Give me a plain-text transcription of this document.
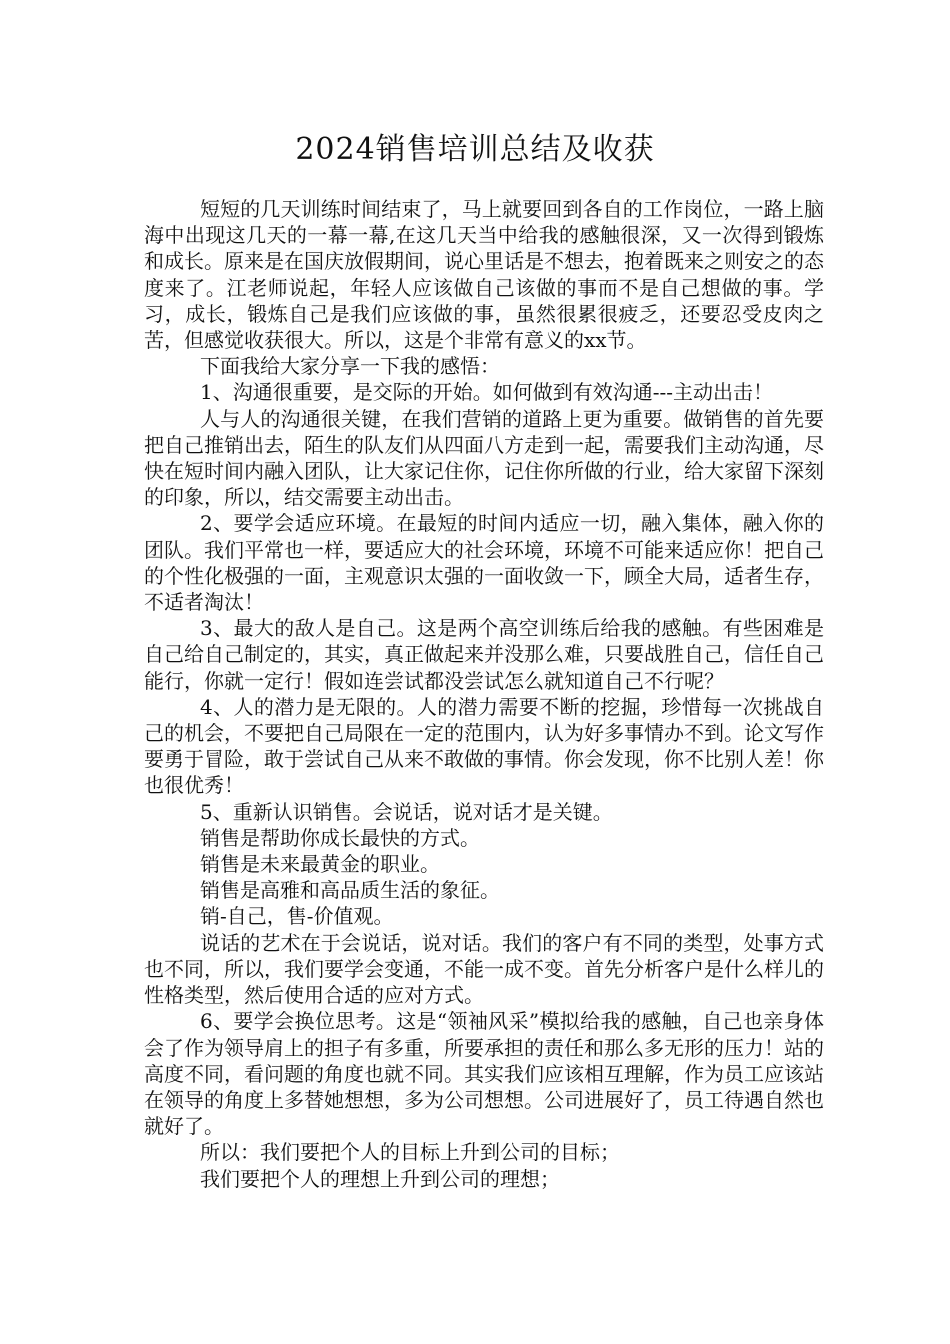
2024销售培训总结及收获

短短的几天训练时间结束了，马上就要回到各自的工作岗位，一路上脑海中出现这几天的一幕一幕,在这几天当中给我的感触很深，又一次得到锻炼和成长。原来是在国庆放假期间，说心里话是不想去，抱着既来之则安之的态度来了。江老师说起，年轻人应该做自己该做的事而不是自己想做的事。学习，成长，锻炼自己是我们应该做的事，虽然很累很疲乏，还要忍受皮肉之苦，但感觉收获很大。所以，这是个非常有意义的xx节。

下面我给大家分享一下我的感悟：

1、沟通很重要，是交际的开始。如何做到有效沟通---主动出击！

人与人的沟通很关键，在我们营销的道路上更为重要。做销售的首先要把自己推销出去，陌生的队友们从四面八方走到一起，需要我们主动沟通，尽快在短时间内融入团队，让大家记住你，记住你所做的行业，给大家留下深刻的印象，所以，结交需要主动出击。

2、要学会适应环境。在最短的时间内适应一切，融入集体，融入你的团队。我们平常也一样，要适应大的社会环境，环境不可能来适应你！把自己的个性化极强的一面，主观意识太强的一面收敛一下，顾全大局，适者生存，不适者淘汰！

3、最大的敌人是自己。这是两个高空训练后给我的感触。有些困难是自己给自己制定的，其实，真正做起来并没那么难，只要战胜自己，信任自己能行，你就一定行！假如连尝试都没尝试怎么就知道自己不行呢？

4、人的潜力是无限的。人的潜力需要不断的挖掘，珍惜每一次挑战自己的机会，不要把自己局限在一定的范围内，认为好多事情办不到。论文写作要勇于冒险，敢于尝试自己从来不敢做的事情。你会发现，你不比别人差！你也很优秀！

5、重新认识销售。会说话，说对话才是关键。

销售是帮助你成长最快的方式。

销售是未来最黄金的职业。

销售是高雅和高品质生活的象征。

销-自己，售-价值观。

说话的艺术在于会说话，说对话。我们的客户有不同的类型，处事方式也不同，所以，我们要学会变通，不能一成不变。首先分析客户是什么样儿的性格类型，然后使用合适的应对方式。

6、要学会换位思考。这是“领袖风采”模拟给我的感触，自己也亲身体会了作为领导肩上的担子有多重，所要承担的责任和那么多无形的压力！站的高度不同，看问题的角度也就不同。其实我们应该相互理解，作为员工应该站在领导的角度上多替她想想，多为公司想想。公司进展好了，员工待遇自然也就好了。

所以：我们要把个人的目标上升到公司的目标；

我们要把个人的理想上升到公司的理想；
